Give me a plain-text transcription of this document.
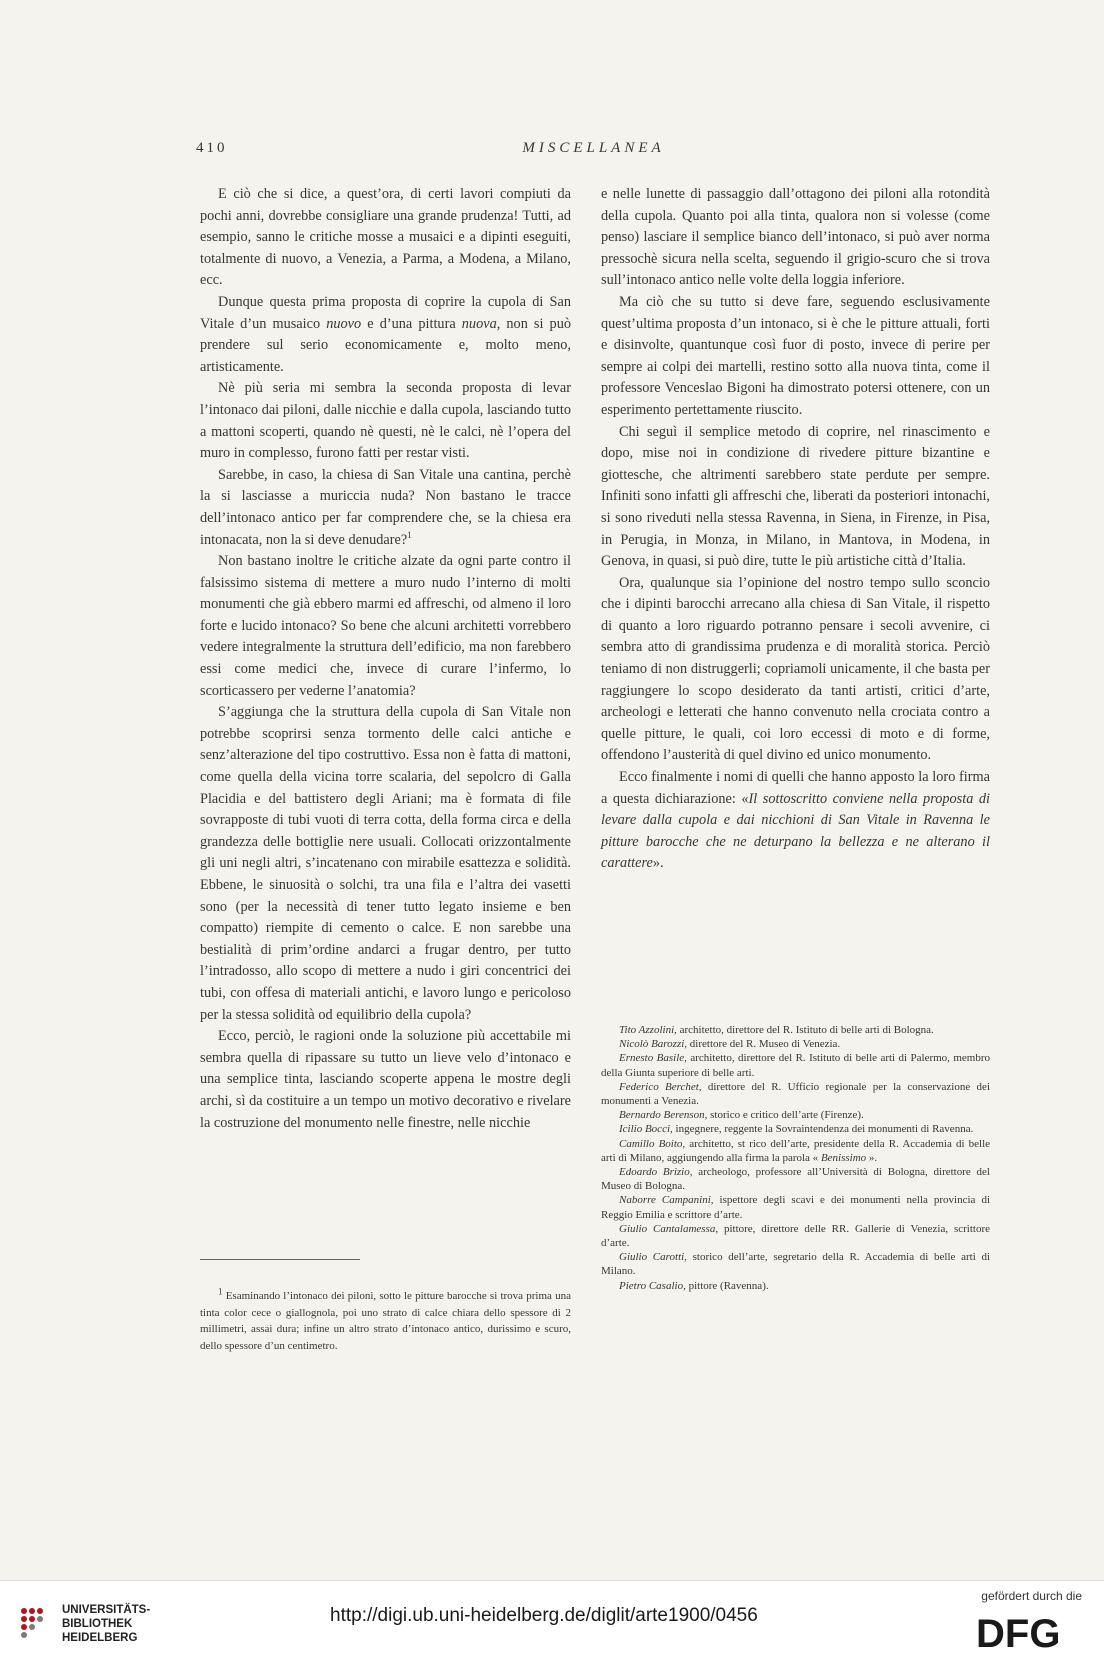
410	MISCELLANEA

E ciò che si dice, a quest’ora, di certi lavori compiuti da pochi anni, dovrebbe consigliare una grande prudenza! Tutti, ad esempio, sanno le critiche mosse a musaici e a dipinti eseguiti, totalmente di nuovo, a Venezia, a Parma, a Modena, a Milano, ecc.

Dunque questa prima proposta di coprire la cupola di San Vitale d’un musaico nuovo e d’una pittura nuova, non si può prendere sul serio economicamente e, molto meno, artisticamente.

Nè più seria mi sembra la seconda proposta di levar l’intonaco dai piloni, dalle nicchie e dalla cupola, lasciando tutto a mattoni scoperti, quando nè questi, nè le calci, nè l’opera del muro in complesso, furono fatti per restar visti.

Sarebbe, in caso, la chiesa di San Vitale una cantina, perchè la si lasciasse a muriccia nuda? Non bastano le tracce dell’intonaco antico per far comprendere che, se la chiesa era intonacata, non la si deve denudare?$^1$

Non bastano inoltre le critiche alzate da ogni parte contro il falsissimo sistema di mettere a muro nudo l’interno di molti monumenti che già ebbero marmi ed affreschi, od almeno il loro forte e lucido intonaco? So bene che alcuni architetti vorrebbero vedere integralmente la struttura dell’edificio, ma non farebbero essi come medici che, invece di curare l’infermo, lo scorticassero per vederne l’anatomia?

S’aggiunga che la struttura della cupola di San Vitale non potrebbe scoprirsi senza tormento delle calci antiche e senz’alterazione del tipo costruttivo. Essa non è fatta di mattoni, come quella della vicina torre scalaria, del sepolcro di Galla Placidia e del battistero degli Ariani; ma è formata di file sovrapposte di tubi vuoti di terra cotta, della forma circa e della grandezza delle bottiglie nere usuali. Collocati orizzontalmente gli uni negli altri, s’incatenano con mirabile esattezza e solidità. Ebbene, le sinuosità o solchi, tra una fila e l’altra dei vasetti sono (per la necessità di tener tutto legato insieme e ben compatto) riempite di cemento o calce. E non sarebbe una bestialità di prim’ordine andarci a frugar dentro, per tutto l’intradosso, allo scopo di mettere a nudo i giri concentrici dei tubi, con offesa di materiali antichi, e lavoro lungo e pericoloso per la stessa solidità od equilibrio della cupola?

Ecco, perciò, le ragioni onde la soluzione più accettabile mi sembra quella di ripassare su tutto un lieve velo d’intonaco e una semplice tinta, lasciando scoperte appena le mostre degli archi, sì da costituire a un tempo un motivo decorativo e rivelare la costruzione del monumento nelle finestre, nelle nicchie

e nelle lunette di passaggio dall’ottagono dei piloni alla rotondità della cupola. Quanto poi alla tinta, qualora non si volesse (come penso) lasciare il semplice bianco dell’intonaco, si può aver norma pressochè sicura nella scelta, seguendo il grigio-scuro che si trova sull’intonaco antico nelle volte della loggia inferiore.

Ma ciò che su tutto si deve fare, seguendo esclusivamente quest’ultima proposta d’un intonaco, si è che le pitture attuali, forti e disinvolte, quantunque così fuor di posto, invece di perire per sempre ai colpi dei martelli, restino sotto alla nuova tinta, come il professore Venceslao Bigoni ha dimostrato potersi ottenere, con un esperimento pertettamente riuscito.

Chi seguì il semplice metodo di coprire, nel rinascimento e dopo, mise noi in condizione di rivedere pitture bizantine e giottesche, che altrimenti sarebbero state perdute per sempre. Infiniti sono infatti gli affreschi che, liberati da posteriori intonachi, si sono riveduti nella stessa Ravenna, in Siena, in Firenze, in Pisa, in Perugia, in Monza, in Milano, in Mantova, in Modena, in Genova, in quasi, si può dire, tutte le più artistiche città d’Italia.

Ora, qualunque sia l’opinione del nostro tempo sullo sconcio che i dipinti barocchi arrecano alla chiesa di San Vitale, il rispetto di quanto a loro riguardo potranno pensare i secoli avvenire, ci sembra atto di grandissima prudenza e di moralità storica. Perciò teniamo di non distruggerli; copriamoli unicamente, il che basta per raggiungere lo scopo desiderato da tanti artisti, critici d’arte, archeologi e letterati che hanno convenuto nella crociata contro a quelle pitture, le quali, coi loro eccessi di moto e di forme, offendono l’austerità di quel divino ed unico monumento.

Ecco finalmente i nomi di quelli che hanno apposto la loro firma a questa dichiarazione: «Il sottoscritto conviene nella proposta di levare dalla cupola e dai nicchioni di San Vitale in Ravenna le pitture barocche che ne deturpano la bellezza e ne alterano il carattere».

$^1$ Esaminando l’intonaco dei piloni, sotto le pitture barocche si trova prima una tinta color cece o giallognola, poi uno strato di calce chiara dello spessore di 2 millimetri, assai dura; infine un altro strato d’intonaco antico, durissimo e scuro, dello spessore d’un centimetro.

Tito Azzolini, architetto, direttore del R. Istituto di belle arti di Bologna.

Nicolò Barozzi, direttore del R. Museo di Venezia.

Ernesto Basile, architetto, direttore del R. Istituto di belle arti di Palermo, membro della Giunta superiore di belle arti.

Federico Berchet, direttore del R. Ufficio regionale per la conservazione dei monumenti a Venezia.

Bernardo Berenson, storico e critico dell’arte (Firenze).

Icilio Bocci, ingegnere, reggente la Sovraintendenza dei monumenti di Ravenna.

Camillo Boito, architetto, st rico dell’arte, presidente della R. Accademia di belle arti di Milano, aggiungendo alla firma la parola « Benissimo ».

Edoardo Brizio, archeologo, professore all’Università di Bologna, direttore del Museo di Bologna.

Naborre Campanini, ispettore degli scavi e dei monumenti nella provincia di Reggio Emilia e scrittore d’arte.

Giulio Cantalamessa, pittore, direttore delle RR. Gallerie di Venezia, scrittore d’arte.

Giulio Carotti, storico dell’arte, segretario della R. Accademia di belle arti di Milano.

Pietro Casalio, pittore (Ravenna).

UNIVERSITÄTS-
BIBLIOTHEK
HEIDELBERG
http://digi.ub.uni-heidelberg.de/diglit/arte1900/0456
gefördert durch die
DFG
